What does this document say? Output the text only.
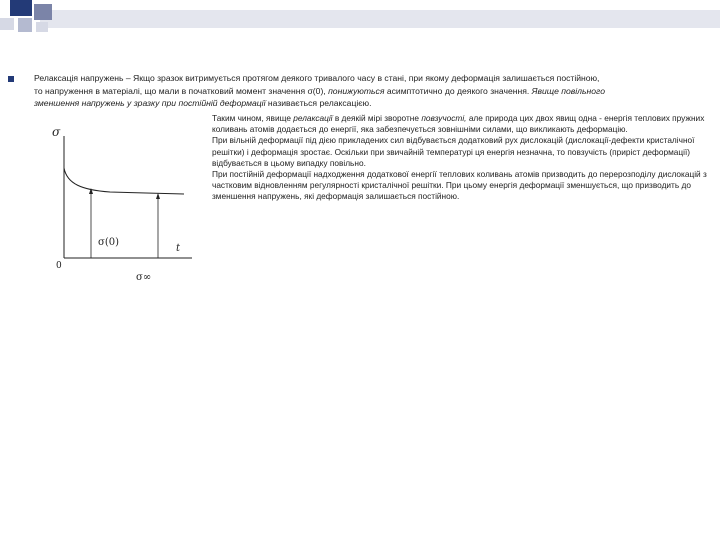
Релаксація напружень – Якщо зразок витримується протягом деякого тривалого часу в стані, при якому деформація залишається постійною,
то напруження в матеріалі, що мали в початковий момент значення σ(0), понижуються асимптотично до деякого значення. Явище повільного
зменшення напружень у зразку при постійній деформації називається релаксацією.
σ
0
t
σ(0)
σ∞

Таким чином, явище релаксації в деякій мірі зворотне повзучості, але природа цих двох явищ одна - енергія теплових пружних коливань атомів додається до енергії, яка забезпечується зовнішніми силами, що викликають деформацію.

При вільній деформації під дією прикладених сил відбувається додатковий рух дислокацій (дислокації-дефекти кристалічної решітки) і деформація зростає. Оскільки при звичайній температурі ця енергія незначна, то повзучість (приріст деформації) відбувається в цьому випадку повільно.

При постійній деформації надходження додаткової енергії теплових коливань атомів призводить до перерозподілу дислокацій з частковим відновленням регулярності кристалічної решітки. При цьому енергія деформації зменшується, що призводить до зменшення напружень, які деформація залишається постійною.
